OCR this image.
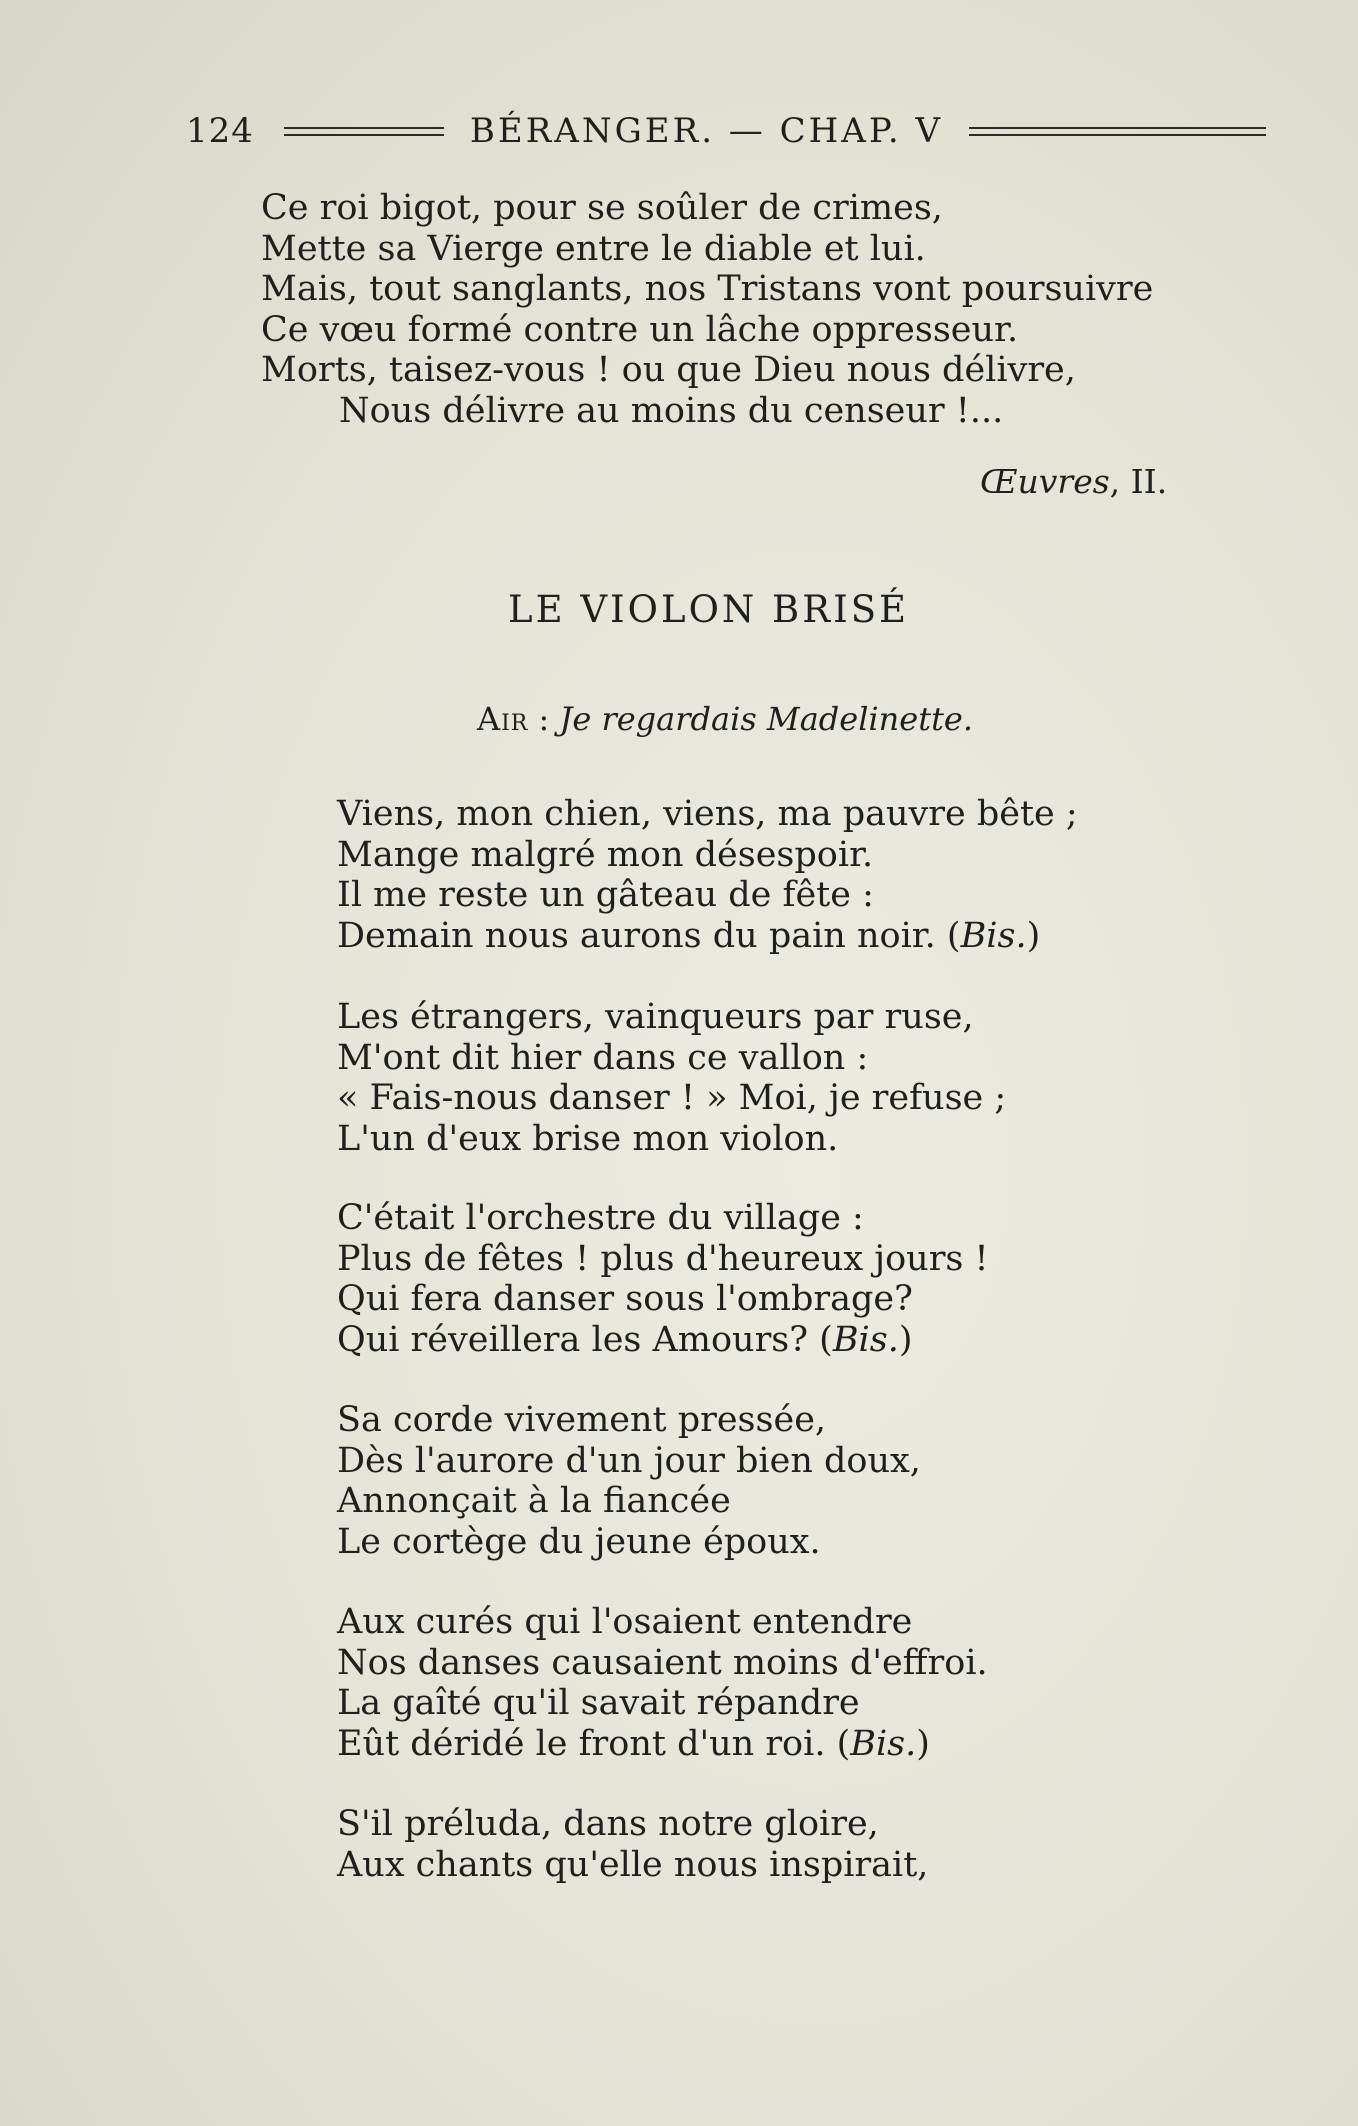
124	BÉRANGER. — CHAP. V
Ce roi bigot, pour se soûler de crimes,
Mette sa Vierge entre le diable et lui.
Mais, tout sanglants, nos Tristans vont poursuivre
Ce vœu formé contre un lâche oppresseur.
Morts, taisez-vous ! ou que Dieu nous délivre,
Nous délivre au moins du censeur !...
Œuvres, II.
LE VIOLON BRISÉ
Air : Je regardais Madelinette.
Viens, mon chien, viens, ma pauvre bête ;
Mange malgré mon désespoir.
Il me reste un gâteau de fête :
Demain nous aurons du pain noir. (Bis.)
Les étrangers, vainqueurs par ruse,
M'ont dit hier dans ce vallon :
« Fais-nous danser ! » Moi, je refuse ;
L'un d'eux brise mon violon.
C'était l'orchestre du village :
Plus de fêtes ! plus d'heureux jours !
Qui fera danser sous l'ombrage?
Qui réveillera les Amours? (Bis.)
Sa corde vivement pressée,
Dès l'aurore d'un jour bien doux,
Annonçait à la fiancée
Le cortège du jeune époux.
Aux curés qui l'osaient entendre
Nos danses causaient moins d'effroi.
La gaîté qu'il savait répandre
Eût déridé le front d'un roi. (Bis.)
S'il préluda, dans notre gloire,
Aux chants qu'elle nous inspirait,
